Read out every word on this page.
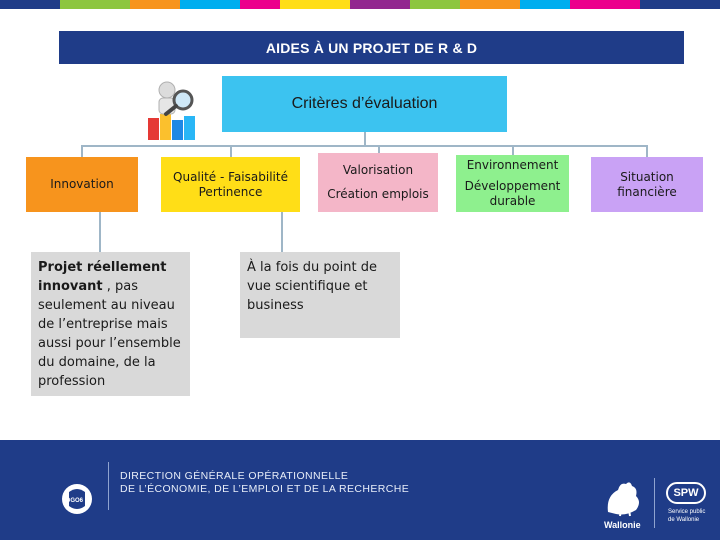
AIDES À UN PROJET DE R & D
Critères d’évaluation
Innovation
Qualité - Faisabilité
Pertinence
Valorisation
Création emplois
Environnement
Développement durable
Situation financière
Projet réellement innovant , pas seulement au niveau de l’entreprise mais aussi pour l’ensemble du domaine, de la profession
À la fois du point de vue scientifique et business
DGO6
DIRECTION GÉNÉRALE OPÉRATIONNELLE
DE L’ÉCONOMIE, DE L’EMPLOI ET DE LA RECHERCHE
Wallonie
SPW
Service public
de Wallonie
